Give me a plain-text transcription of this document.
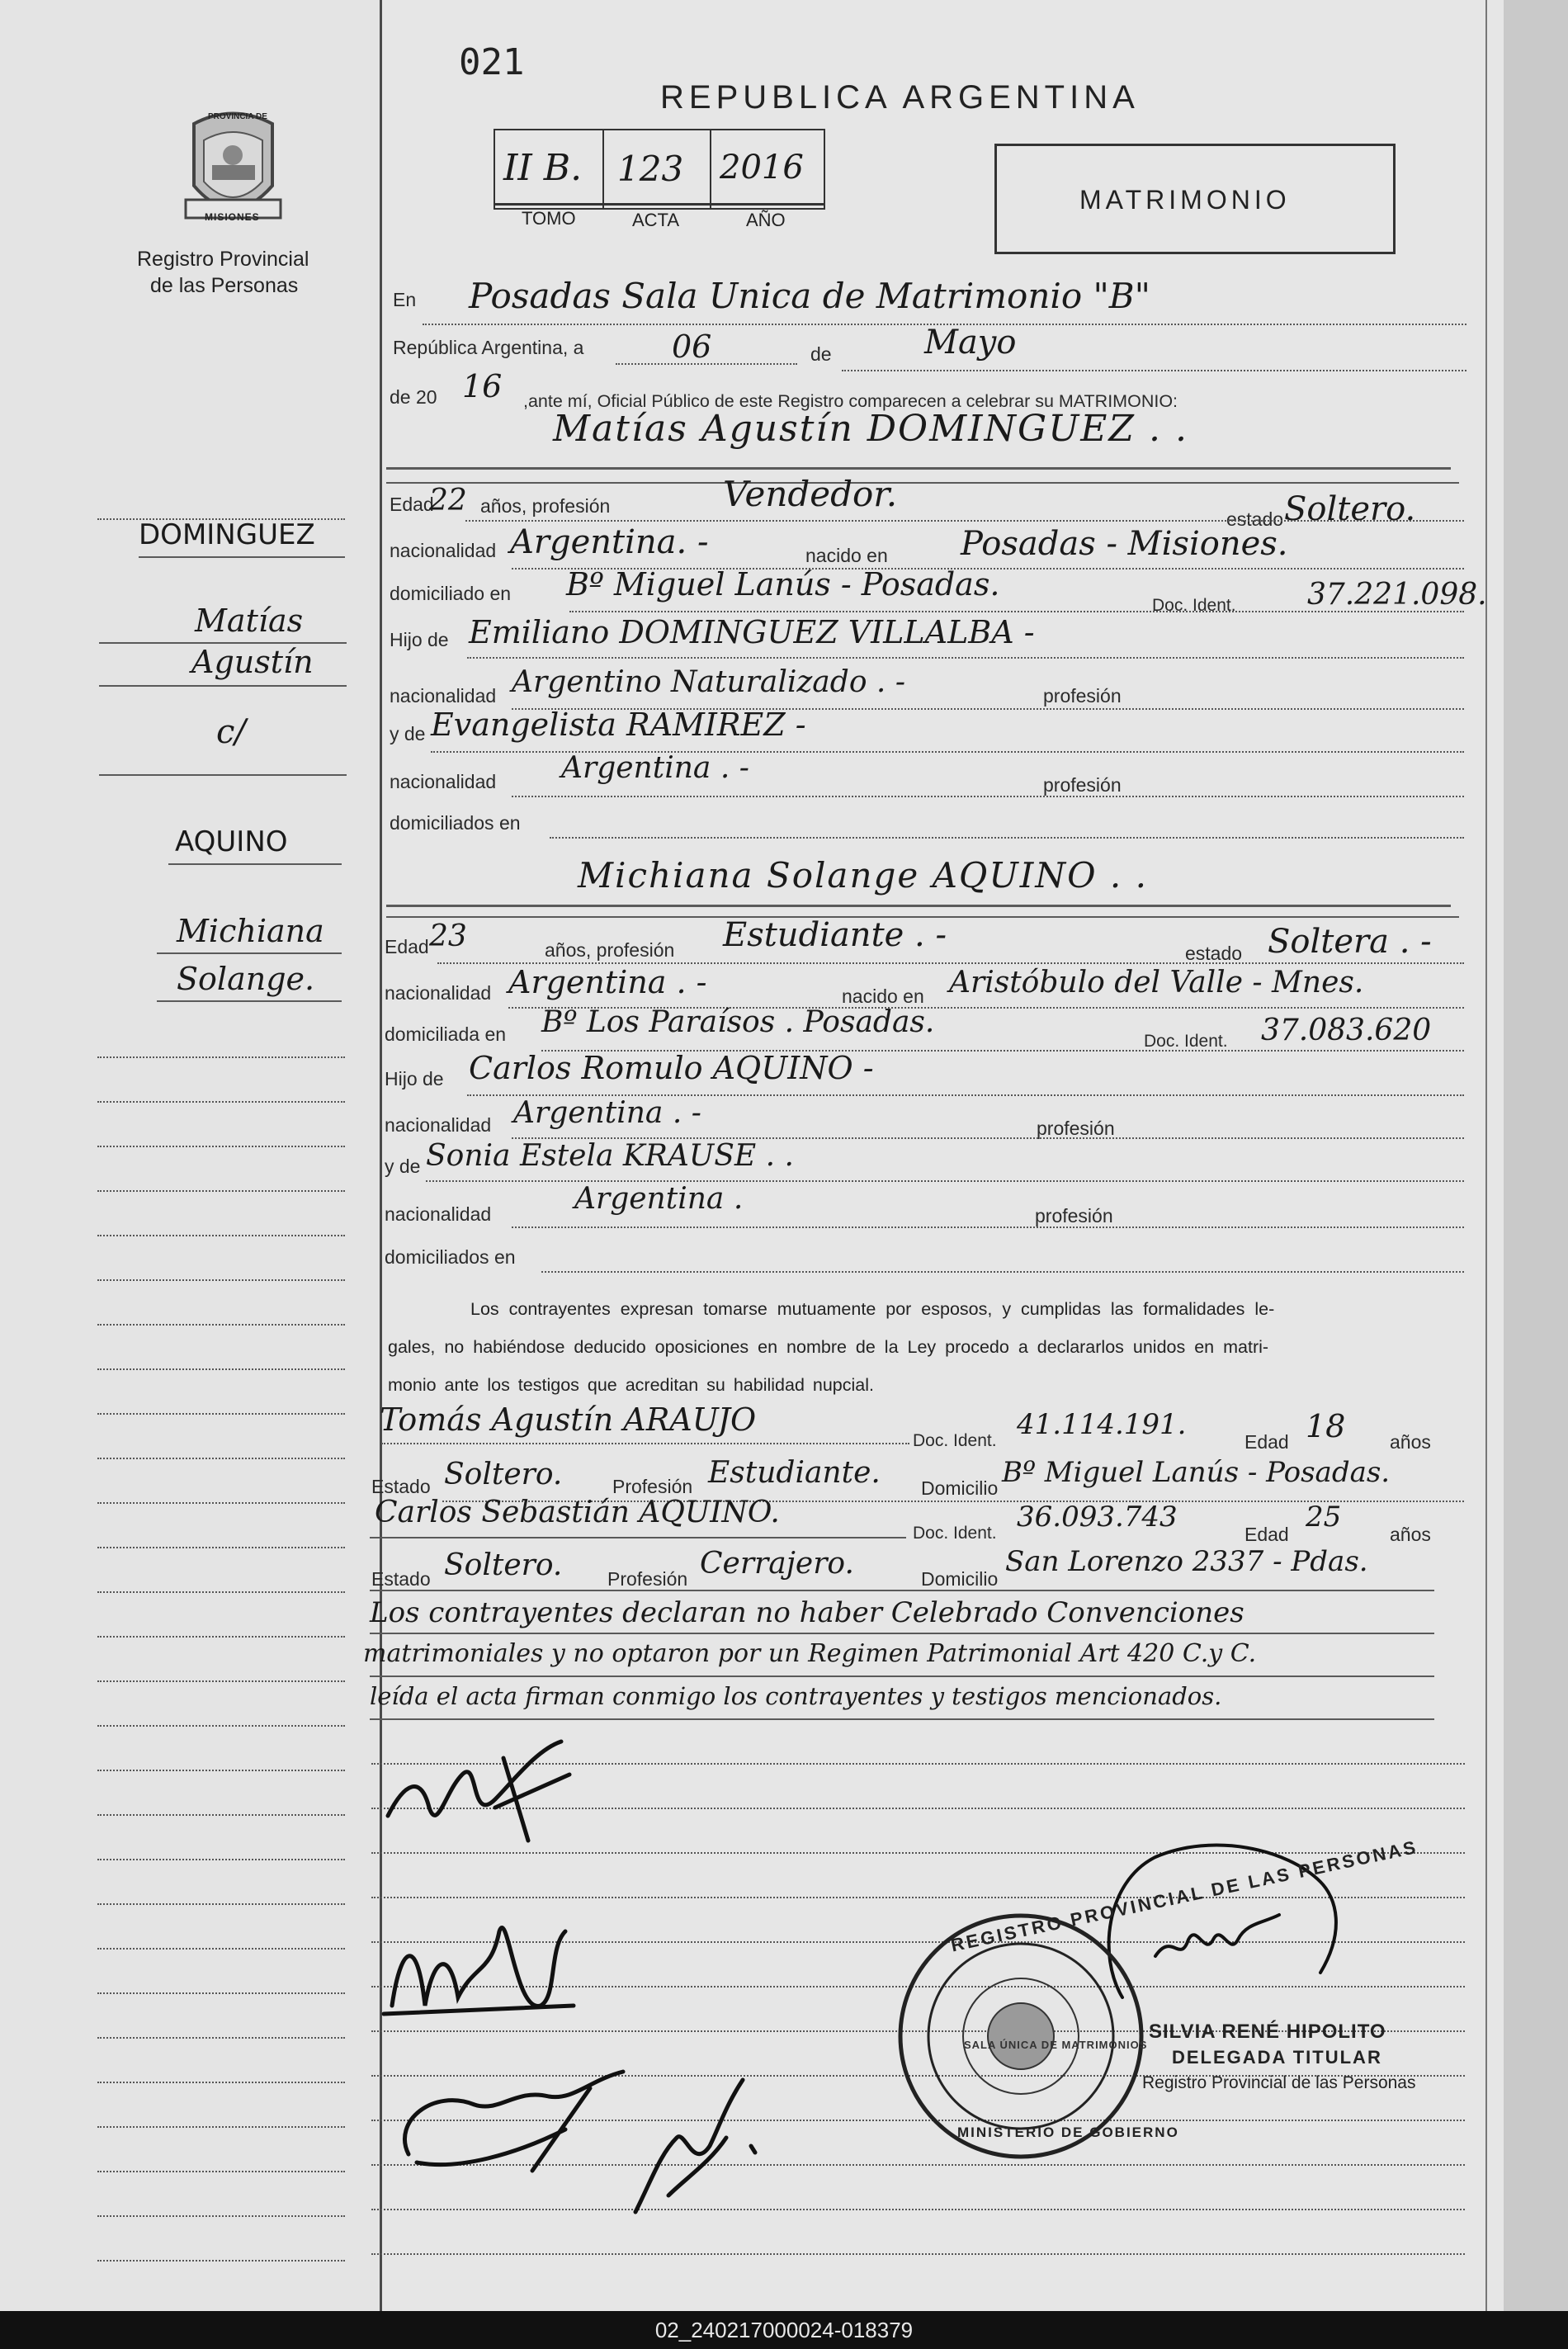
MISIONES
PROVINCIA DE
Registro Provincial
de las Personas
021
REPUBLICA ARGENTINA
II B. 123 2016
TOMO	ACTA	AÑO
MATRIMONIO
En Posadas Sala Unica de Matrimonio "B"
República Argentina, a	06	de	Mayo
de 20 16 ,ante mí, Oficial Público de este Registro comparecen a celebrar su MATRIMONIO:
Matías Agustín DOMINGUEZ . .
Edad
22 años, profesión	Vendedor.
estado Soltero.
nacionalidad Argentina. -	nacido en Posadas - Misiones.
domiciliado en Bº Miguel Lanús - Posadas.
Doc. Ident. 37.221.098.
Hijo de Emiliano DOMINGUEZ VILLALBA -
nacionalidad Argentino Naturalizado . -	profesión
y de Evangelista RAMIREZ -
nacionalidad Argentina . -	profesión
domiciliados en
Michiana Solange AQUINO . .
Edad 23	años, profesión Estudiante . -	estado Soltera . -
nacionalidad Argentina . -	nacido en Aristóbulo del Valle - Mnes.
domiciliada en Bº Los Paraísos . Posadas.
Doc. Ident. 37.083.620
Hijo de Carlos Romulo AQUINO -
nacionalidad Argentina . -	profesión
y de Sonia Estela KRAUSE . .
nacionalidad	Argentina .	profesión
domiciliados en
Los contrayentes expresan tomarse mutuamente por esposos, y cumplidas las formalidades le-
gales, no habiéndose deducido oposiciones en nombre de la Ley procedo a declararlos unidos en matri-
monio ante los testigos que acreditan su habilidad nupcial.
Tomás Agustín ARAUJO
Doc. Ident. 41.114.191.
Edad 18 años
Estado Soltero.	Profesión Estudiante. Domicilio Bº Miguel Lanús - Posadas.
Carlos Sebastián AQUINO.
Doc. Ident. 36.093.743
Edad
25
años
Estado Soltero. Profesión Cerrajero.	Domicilio
San Lorenzo 2337 - Pdas.
Los contrayentes declaran no haber Celebrado Convenciones
matrimoniales y no optaron por un Regimen Patrimonial Art 420 C.y C.
leída el acta firman conmigo los contrayentes y testigos mencionados.
REGISTRO PROVINCIAL DE LAS PERSONAS
SALA ÚNICA DE MATRIMONIOS
MINISTERIO DE GOBIERNO
SILVIA RENÉ HIPOLITO
DELEGADA TITULAR
Registro Provincial de las Personas
DOMINGUEZ
Matías
Agustín
c/
AQUINO
Michiana
Solange.
02_240217000024-018379
